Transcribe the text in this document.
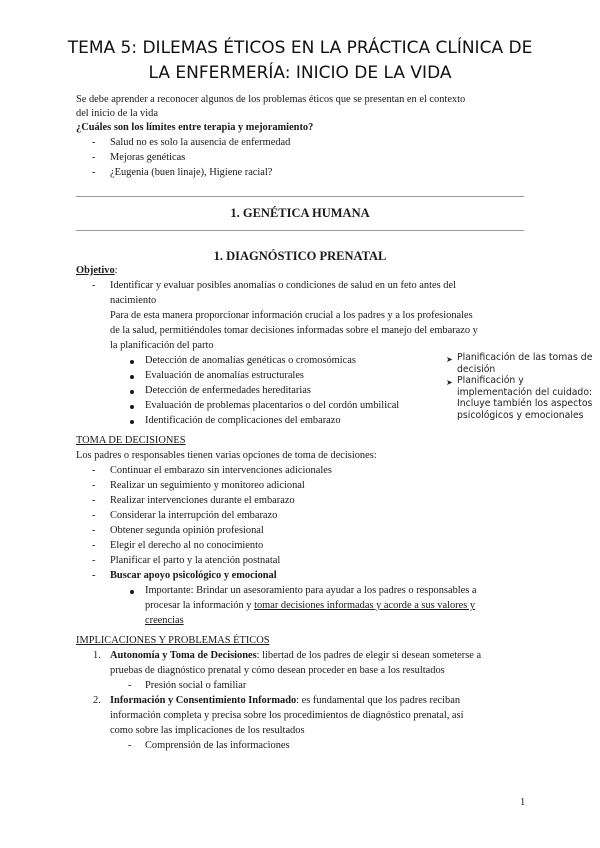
TEMA 5: DILEMAS ÉTICOS EN LA PRÁCTICA CLÍNICA DE
LA ENFERMERÍA: INICIO DE LA VIDA
Se debe aprender a reconocer algunos de los problemas éticos que se presentan en el contexto
del inicio de la vida
¿Cuáles son los límites entre terapia y mejoramiento?
- Salud no es solo la ausencia de enfermedad
- Mejoras genéticas
- ¿Eugenia (buen linaje), Higiene racial?
1. GENÉTICA HUMANA
1. DIAGNÓSTICO PRENATAL
Objetivo:
- Identificar y evaluar posibles anomalías o condiciones de salud en un feto antes del
nacimiento
Para de esta manera proporcionar información crucial a los padres y a los profesionales
de la salud, permitiéndoles tomar decisiones informadas sobre el manejo del embarazo y
la planificación del parto
Detección de anomalías genéticas o cromosómicas
Evaluación de anomalías estructurales
Detección de enfermedades hereditarias
Evaluación de problemas placentarios o del cordón umbilical
Identificación de complicaciones del embarazo
➤ Planificación de las tomas de
decisión
➤ Planificación y
implementación del cuidado:
Incluye también los aspectos
psicológicos y emocionales
TOMA DE DECISIONES
Los padres o responsables tienen varias opciones de toma de decisiones:
- Continuar el embarazo sin intervenciones adicionales
- Realizar un seguimiento y monitoreo adicional
- Realizar intervenciones durante el embarazo
- Considerar la interrupción del embarazo
- Obtener segunda opinión profesional
- Elegir el derecho al no conocimiento
- Planificar el parto y la atención postnatal
- Buscar apoyo psicológico y emocional
Importante: Brindar un asesoramiento para ayudar a los padres o responsables a
procesar la información y tomar decisiones informadas y acorde a sus valores y
creencias
IMPLICACIONES Y PROBLEMAS ÉTICOS
1. Autonomía y Toma de Decisiones: libertad de los padres de elegir si desean someterse a
pruebas de diagnóstico prenatal y cómo desean proceder en base a los resultados
- Presión social o familiar
2. Información y Consentimiento Informado: es fundamental que los padres reciban
información completa y precisa sobre los procedimientos de diagnóstico prenatal, así
como sobre las implicaciones de los resultados
- Comprensión de las informaciones
1
